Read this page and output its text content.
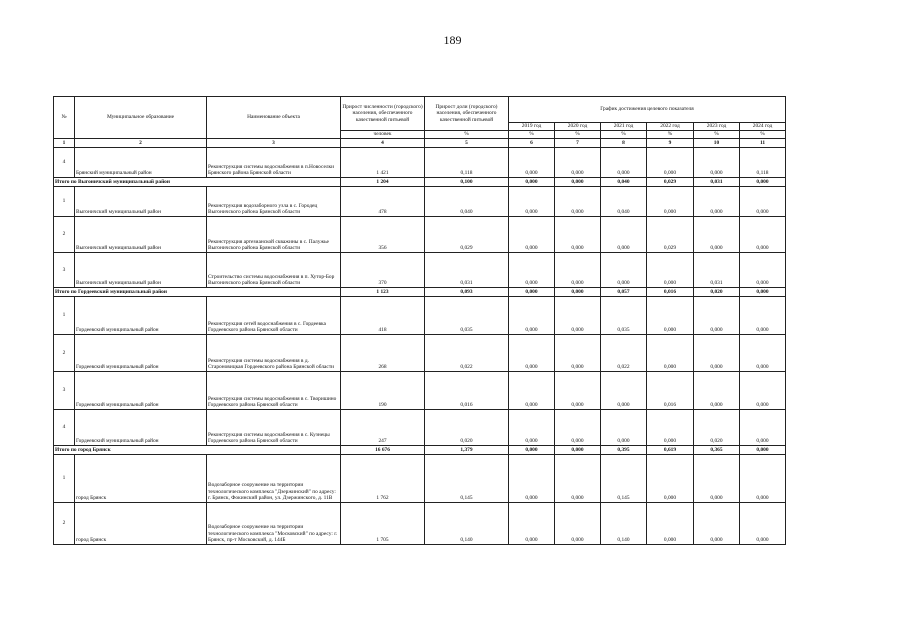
189
№	Муниципальное образование	Наименование объекта	Прирост численности (городского) населения, обеспеченного качественной питьевой	Прирост доли (городского) населения, обеспеченного качественной питьевой	График достижения целевого показателя					
					2019 год	2020 год	2021 год	2022 год	2023 год	2024 год
			человек	%	%	%	%	%	%	%
1	2	3	4	5	6	7	8	9	10	11
4	Брянский муниципальный район	Реконструкция системы водоснабжения в п.Новоселки Брянского района Брянской области	1 421	0,118	0,000	0,000	0,000	0,000	0,000	0,118
Итого по Выгоничский муниципальный район			1 204	0,100	0,000	0,000	0,040	0,029	0,031	0,000
1	Выгоничский муниципальный район	Реконструкция водозаборного узла в с. Городец Выгоничского района Брянской области	478	0,040	0,000	0,000	0,040	0,000	0,000	0,000
2	Выгоничский муниципальный район	Реконструкция артезианской скважины в с. Палужье Выгоничского района Брянской области	356	0,029	0,000	0,000	0,000	0,029	0,000	0,000
3	Выгоничский муниципальный район	Строительство системы водоснабжения в п. Хутор-Бор Выгоничского района Брянской области	370	0,031	0,000	0,000	0,000	0,000	0,031	0,000
Итого по Гордеевский муниципальный район			1 123	0,093	0,000	0,000	0,057	0,016	0,020	0,000
1	Гордеевский муниципальный район	Реконструкция сетей водоснабжения в с. Гордеевка Гордеевского района Брянской области	418	0,035	0,000	0,000	0,035	0,000	0,000	0,000
2	Гордеевский муниципальный район	Реконструкция системы водоснабжения в д. Староновицкая Гордеевского района Брянской области	268	0,022	0,000	0,000	0,022	0,000	0,000	0,000
3	Гордеевский муниципальный район	Реконструкция системы водоснабжения в с. Творишино Гордеевского района Брянской области	190	0,016	0,000	0,000	0,000	0,016	0,000	0,000
4	Гордеевский муниципальный район	Реконструкция системы водоснабжения в с. Кузнецы Гордеевского района Брянской области	247	0,020	0,000	0,000	0,000	0,000	0,020	0,000
Итого по город Брянск			16 676	1,379	0,000	0,000	0,395	0,619	0,365	0,000
1	город Брянск	Водозаборное сооружение на территории технологического комплекса "Дзержинский" по адресу: г. Брянск, Фокинский район, ул. Дзержинского, д. 11В	1 762	0,145	0,000	0,000	0,145	0,000	0,000	0,000
2	город Брянск	Водозаборное сооружение на территории технологического комплекса "Московский" по адресу: г. Брянск, пр-т Московский, д. 144Б	1 705	0,140	0,000	0,000	0,140	0,000	0,000	0,000
